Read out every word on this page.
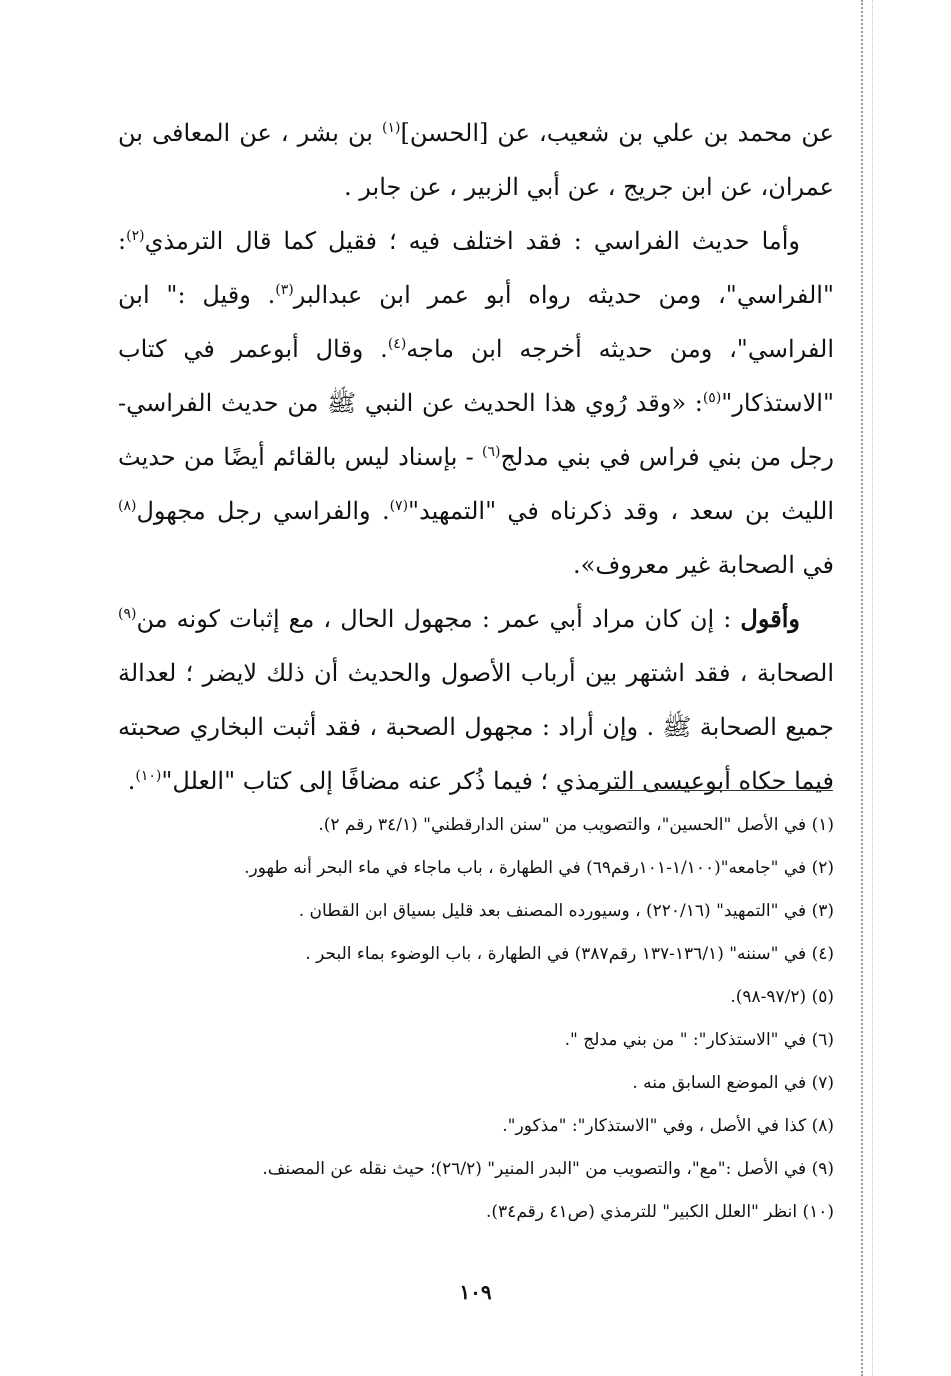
عن محمد بن علي بن شعيب، عن [الحسن]$^{(١)}$ بن بشر ، عن المعافى بن عمران، عن ابن جريج ، عن أبي الزبير ، عن جابر .

وأما حديث الفراسي : فقد اختلف فيه ؛ فقيل كما قال الترمذي$^{(٢)}$: "الفراسي"، ومن حديثه رواه أبو عمر ابن عبدالبر$^{(٣)}$. وقيل :" ابن الفراسي"، ومن حديثه أخرجه ابن ماجه$^{(٤)}$. وقال أبوعمر في كتاب "الاستذكار"$^{(٥)}$: «وقد رُوي هذا الحديث عن النبي ﷺ من حديث الفراسي-رجل من بني فراس في بني مدلج$^{(٦)}$ - بإسناد ليس بالقائم أيضًا من حديث الليث بن سعد ، وقد ذكرناه في "التمهيد"$^{(٧)}$. والفراسي رجل مجهول$^{(٨)}$ في الصحابة غير معروف».

وأقول : إن كان مراد أبي عمر : مجهول الحال ، مع إثبات كونه من$^{(٩)}$ الصحابة ، فقد اشتهر بين أرباب الأصول والحديث أن ذلك لايضر ؛ لعدالة جميع الصحابة ﷺ . وإن أراد : مجهول الصحبة ، فقد أثبت البخاري صحبته فيما حكاه أبوعيسى الترمذي ؛ فيما ذُكر عنه مضافًا إلى كتاب "العلل"$^{(١٠)}$.

(١) في الأصل "الحسين"، والتصويب من "سنن الدارقطني" (٣٤/١ رقم ٢).

(٢) في "جامعه"(١/١٠٠-١٠١رقم٦٩) في الطهارة ، باب ماجاء في ماء البحر أنه طهور.

(٣) في "التمهيد" (٢٢٠/١٦) ، وسيورده المصنف بعد قليل بسياق ابن القطان .

(٤) في "سننه" (١٣٦/١-١٣٧ رقم٣٨٧) في الطهارة ، باب الوضوء بماء البحر .

(٥) (٩٧/٢-٩٨).

(٦) في "الاستذكار": " من بني مدلج ".

(٧) في الموضع السابق منه .

(٨) كذا في الأصل ، وفي "الاستذكار": "مذكور".

(٩) في الأصل :"مع"، والتصويب من "البدر المنير" (٢٦/٢)؛ حيث نقله عن المصنف.

(١٠) انظر "العلل الكبير" للترمذي (ص٤١ رقم٣٤).

١٠٩
